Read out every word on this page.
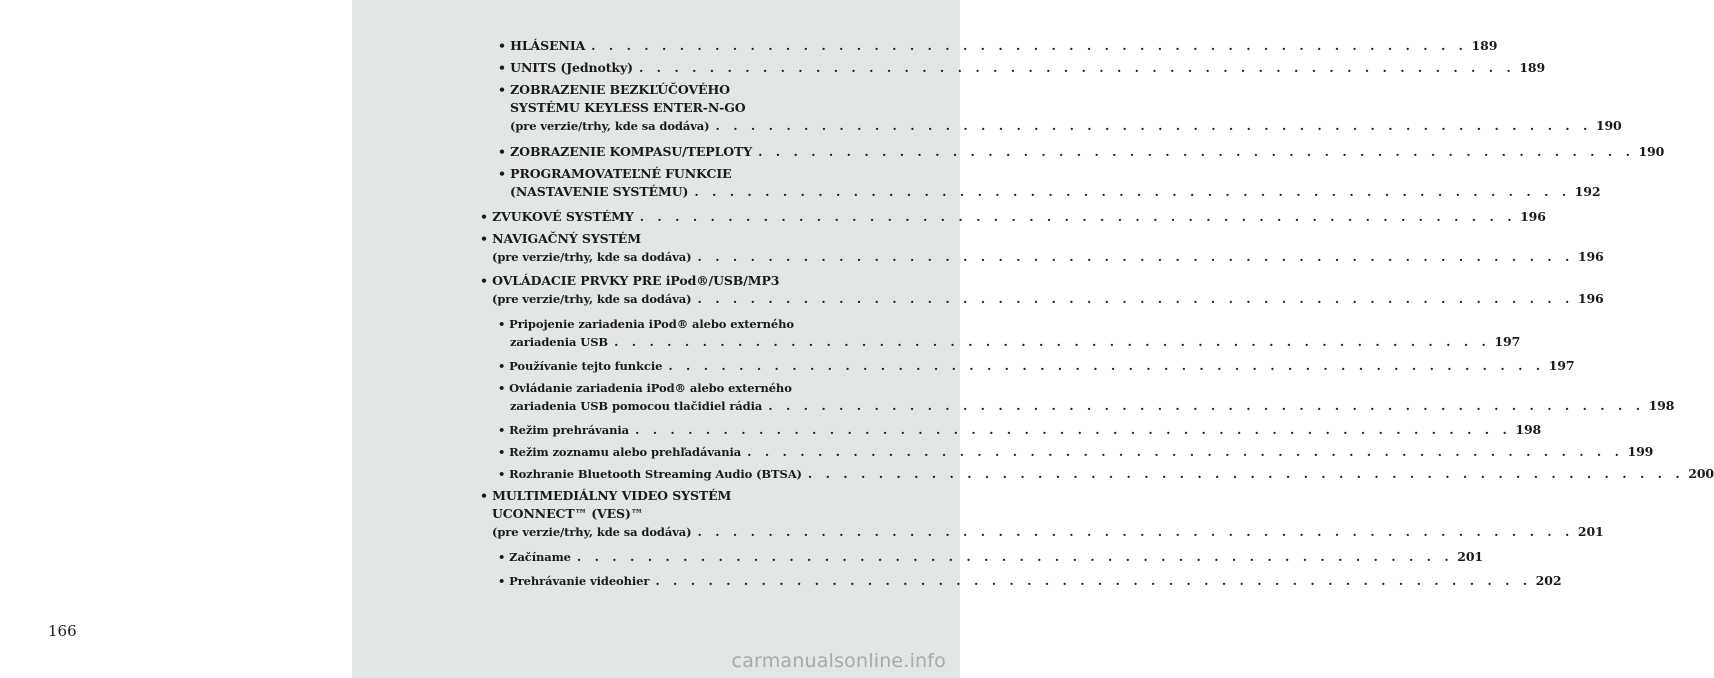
166
• HLÁSENIA . . . . . . . . . . . . . . . . . . . . . . . . . . . . . . . . . . . . . . . . . . . . . . . . . . 189
• UNITS (Jednotky) . . . . . . . . . . . . . . . . . . . . . . . . . . . . . . . . . . . . . . . . . . . . . . . . . . 189
• ZOBRAZENIE BEZKĽÚČOVÉHO
SYSTÉMU KEYLESS ENTER-N-GO
(pre verzie/trhy, kde sa dodáva) . . . . . . . . . . . . . . . . . . . . . . . . . . . . . . . . . . . . . . . . . . . . . . . . . . 190
• ZOBRAZENIE KOMPASU/TEPLOTY . . . . . . . . . . . . . . . . . . . . . . . . . . . . . . . . . . . . . . . . . . . . . . . . . . 190
• PROGRAMOVATEĽNÉ FUNKCIE
(NASTAVENIE SYSTÉMU) . . . . . . . . . . . . . . . . . . . . . . . . . . . . . . . . . . . . . . . . . . . . . . . . . . 192
• ZVUKOVÉ SYSTÉMY . . . . . . . . . . . . . . . . . . . . . . . . . . . . . . . . . . . . . . . . . . . . . . . . . . 196
• NAVIGAČNÝ SYSTÉM
(pre verzie/trhy, kde sa dodáva) . . . . . . . . . . . . . . . . . . . . . . . . . . . . . . . . . . . . . . . . . . . . . . . . . . 196
• OVLÁDACIE PRVKY PRE iPod®/USB/MP3
(pre verzie/trhy, kde sa dodáva) . . . . . . . . . . . . . . . . . . . . . . . . . . . . . . . . . . . . . . . . . . . . . . . . . . 196
• Pripojenie zariadenia iPod® alebo externého
zariadenia USB . . . . . . . . . . . . . . . . . . . . . . . . . . . . . . . . . . . . . . . . . . . . . . . . . . 197
• Používanie tejto funkcie . . . . . . . . . . . . . . . . . . . . . . . . . . . . . . . . . . . . . . . . . . . . . . . . . . 197
• Ovládanie zariadenia iPod® alebo externého
zariadenia USB pomocou tlačidiel rádia . . . . . . . . . . . . . . . . . . . . . . . . . . . . . . . . . . . . . . . . . . . . . . . . . . 198
• Režim prehrávania . . . . . . . . . . . . . . . . . . . . . . . . . . . . . . . . . . . . . . . . . . . . . . . . . . 198
• Režim zoznamu alebo prehľadávania . . . . . . . . . . . . . . . . . . . . . . . . . . . . . . . . . . . . . . . . . . . . . . . . . . 199
• Rozhranie Bluetooth Streaming Audio (BTSA) . . . . . . . . . . . . . . . . . . . . . . . . . . . . . . . . . . . . . . . . . . . . . . . . . . 200
• MULTIMEDIÁLNY VIDEO SYSTÉM
UCONNECT™ (VES)™
(pre verzie/trhy, kde sa dodáva) . . . . . . . . . . . . . . . . . . . . . . . . . . . . . . . . . . . . . . . . . . . . . . . . . . 201
• Začíname . . . . . . . . . . . . . . . . . . . . . . . . . . . . . . . . . . . . . . . . . . . . . . . . . . 201
• Prehrávanie videohier . . . . . . . . . . . . . . . . . . . . . . . . . . . . . . . . . . . . . . . . . . . . . . . . . . 202
carmanualsonline.info
